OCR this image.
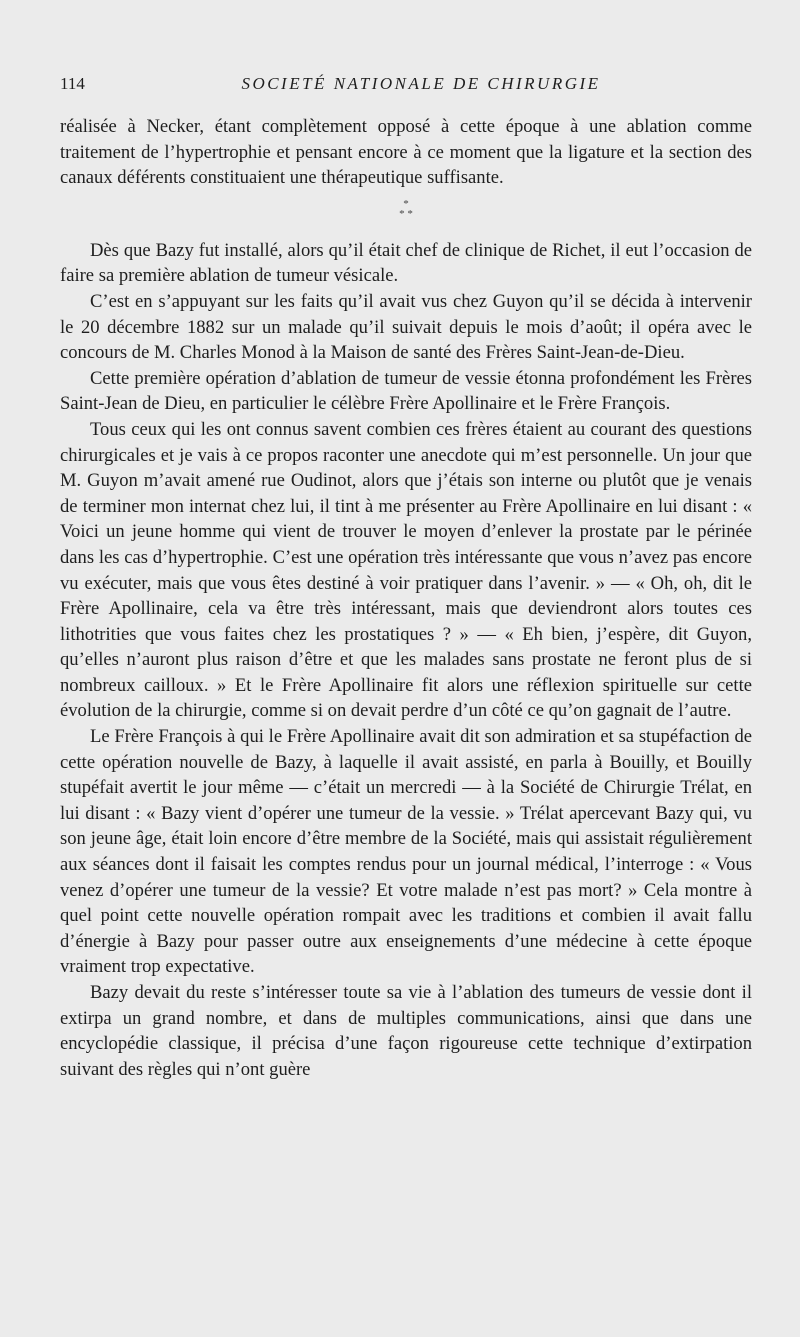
114	SOCIETÉ NATIONALE DE CHIRURGIE

réalisée à Necker, étant complètement opposé à cette époque à une ablation comme traitement de l’hypertrophie et pensant encore à ce moment que la ligature et la section des canaux déférents constituaient une thérapeutique suffisante.

*
* *

Dès que Bazy fut installé, alors qu’il était chef de clinique de Richet, il eut l’occasion de faire sa première ablation de tumeur vésicale.

C’est en s’appuyant sur les faits qu’il avait vus chez Guyon qu’il se décida à intervenir le 20 décembre 1882 sur un malade qu’il suivait depuis le mois d’août; il opéra avec le concours de M. Charles Monod à la Maison de santé des Frères Saint-Jean-de-Dieu.

Cette première opération d’ablation de tumeur de vessie étonna profondément les Frères Saint-Jean de Dieu, en particulier le célèbre Frère Apollinaire et le Frère François.

Tous ceux qui les ont connus savent combien ces frères étaient au courant des questions chirurgicales et je vais à ce propos raconter une anecdote qui m’est personnelle. Un jour que M. Guyon m’avait amené rue Oudinot, alors que j’étais son interne ou plutôt que je venais de terminer mon internat chez lui, il tint à me présenter au Frère Apollinaire en lui disant : « Voici un jeune homme qui vient de trouver le moyen d’enlever la prostate par le périnée dans les cas d’hypertrophie. C’est une opération très intéressante que vous n’avez pas encore vu exécuter, mais que vous êtes destiné à voir pratiquer dans l’avenir. » — « Oh, oh, dit le Frère Apollinaire, cela va être très intéressant, mais que deviendront alors toutes ces lithotrities que vous faites chez les prostatiques ? » — « Eh bien, j’espère, dit Guyon, qu’elles n’auront plus raison d’être et que les malades sans prostate ne feront plus de si nombreux cailloux. » Et le Frère Apollinaire fit alors une réflexion spirituelle sur cette évolution de la chirurgie, comme si on devait perdre d’un côté ce qu’on gagnait de l’autre.

Le Frère François à qui le Frère Apollinaire avait dit son admiration et sa stupéfaction de cette opération nouvelle de Bazy, à laquelle il avait assisté, en parla à Bouilly, et Bouilly stupéfait avertit le jour même — c’était un mercredi — à la Société de Chirurgie Trélat, en lui disant : « Bazy vient d’opérer une tumeur de la vessie. » Trélat apercevant Bazy qui, vu son jeune âge, était loin encore d’être membre de la Société, mais qui assistait régulièrement aux séances dont il faisait les comptes rendus pour un journal médical, l’interroge : « Vous venez d’opérer une tumeur de la vessie? Et votre malade n’est pas mort? » Cela montre à quel point cette nouvelle opération rompait avec les traditions et combien il avait fallu d’énergie à Bazy pour passer outre aux enseignements d’une médecine à cette époque vraiment trop expectative.

Bazy devait du reste s’intéresser toute sa vie à l’ablation des tumeurs de vessie dont il extirpa un grand nombre, et dans de multiples communications, ainsi que dans une encyclopédie classique, il précisa d’une façon rigoureuse cette technique d’extirpation suivant des règles qui n’ont guère
